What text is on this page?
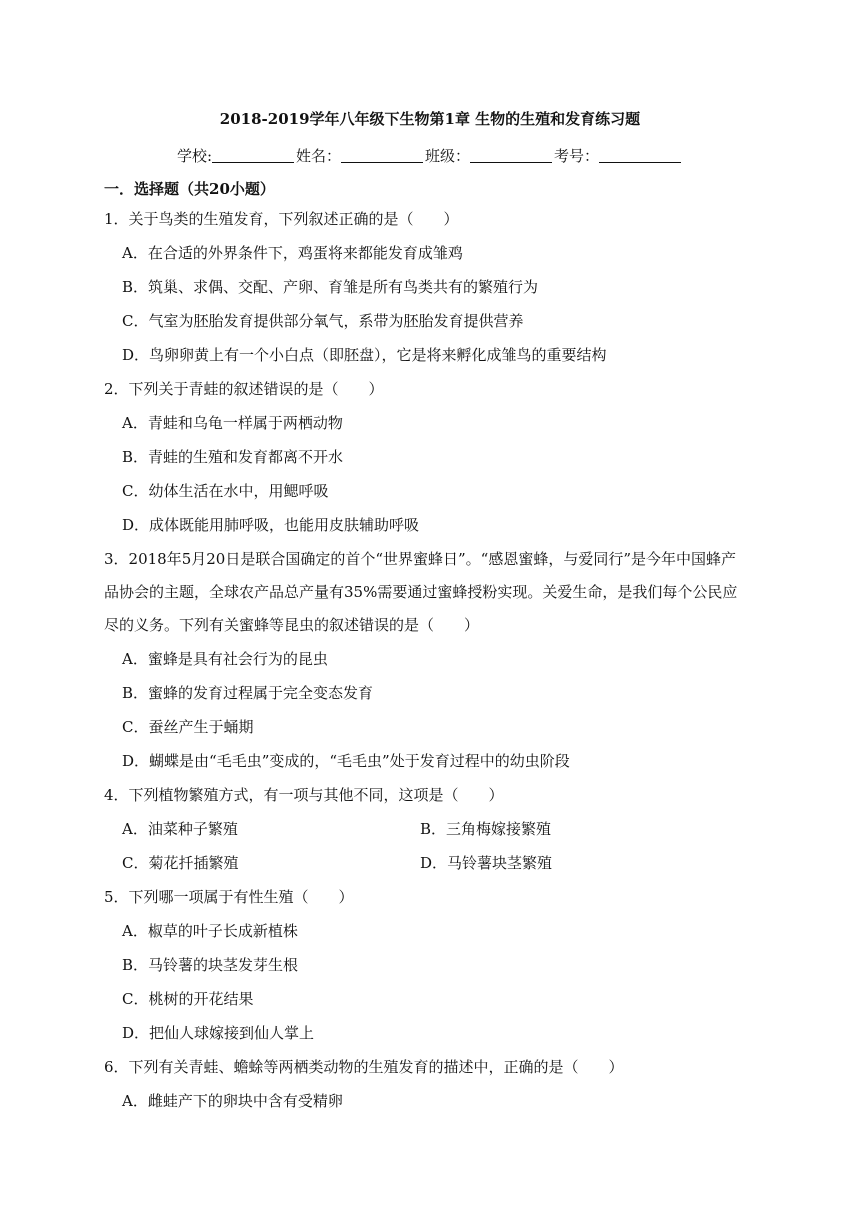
2018-2019学年八年级下生物第1章 生物的生殖和发育练习题
学校:	姓名：	班级：	考号：
一．选择题（共20小题）
1．关于鸟类的生殖发育，下列叙述正确的是（　　）
A．在合适的外界条件下，鸡蛋将来都能发育成雏鸡
B．筑巢、求偶、交配、产卵、育雏是所有鸟类共有的繁殖行为
C．气室为胚胎发育提供部分氧气，系带为胚胎发育提供营养
D．鸟卵卵黄上有一个小白点（即胚盘），它是将来孵化成雏鸟的重要结构
2．下列关于青蛙的叙述错误的是（　　）
A．青蛙和乌龟一样属于两栖动物
B．青蛙的生殖和发育都离不开水
C．幼体生活在水中，用鳃呼吸
D．成体既能用肺呼吸，也能用皮肤辅助呼吸
3．2018年5月20日是联合国确定的首个“世界蜜蜂日”。“感恩蜜蜂，与爱同行”是今年中国蜂产
品协会的主题，全球农产品总产量有35%需要通过蜜蜂授粉实现。关爱生命，是我们每个公民应
尽的义务。下列有关蜜蜂等昆虫的叙述错误的是（　　）
A．蜜蜂是具有社会行为的昆虫
B．蜜蜂的发育过程属于完全变态发育
C．蚕丝产生于蛹期
D．蝴蝶是由“毛毛虫”变成的，“毛毛虫”处于发育过程中的幼虫阶段
4．下列植物繁殖方式，有一项与其他不同，这项是（　　）
A．油菜种子繁殖	B．三角梅嫁接繁殖
C．菊花扦插繁殖	D．马铃薯块茎繁殖
5．下列哪一项属于有性生殖（　　）
A．椒草的叶子长成新植株
B．马铃薯的块茎发芽生根
C．桃树的开花结果
D．把仙人球嫁接到仙人掌上
6．下列有关青蛙、蟾蜍等两栖类动物的生殖发育的描述中，正确的是（　　）
A．雌蛙产下的卵块中含有受精卵
